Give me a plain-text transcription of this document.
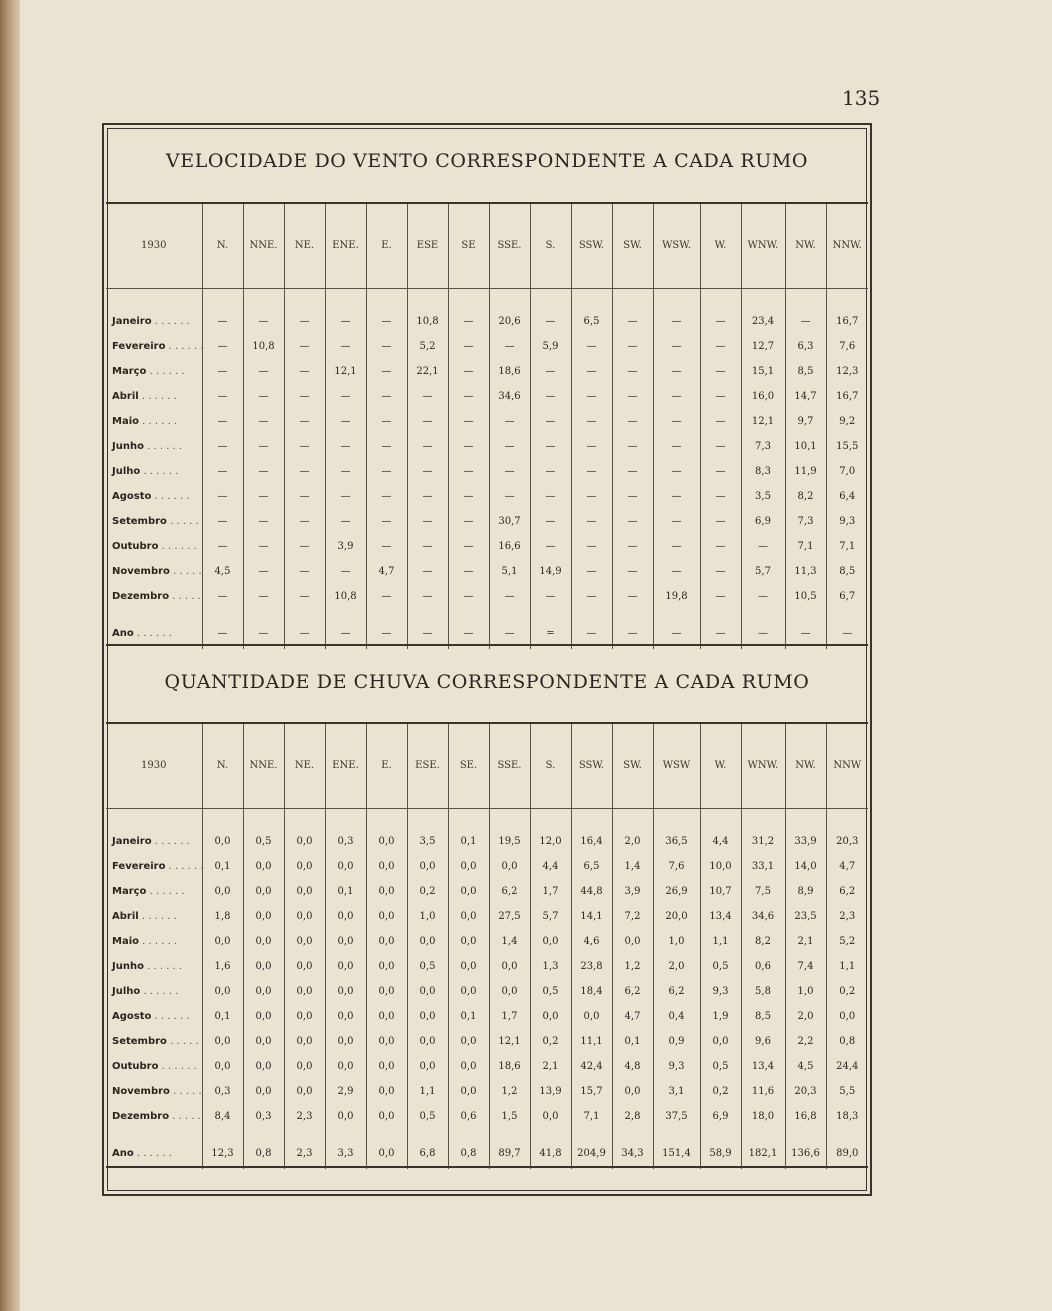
135
VELOCIDADE DO VENTO CORRESPONDENTE A CADA RUMO
1930	N.	NNE.	NE.	ENE.	E.	ESE	SE	SSE.	S.	SSW.	SW.	WSW.	W.	WNW.	NW.	NNW.

Janeiro . . .	—	—	—	—	—	10,8	—	20,6	—	6,5	—	—	—	23,4	—	16,7
Fevereiro . . .	—	10,8	—	—	—	5,2	—	—	5,9	—	—	—	—	12,7	6,3	7,6
Março . . .	—	—	—	12,1	—	22,1	—	18,6	—	—	—	—	—	15,1	8,5	12,3
Abril . . .	—	—	—	—	—	—	—	34,6	—	—	—	—	—	16,0	14,7	16,7
Maio . . .	—	—	—	—	—	—	—	—	—	—	—	—	—	12,1	9,7	9,2
Junho . . .	—	—	—	—	—	—	—	—	—	—	—	—	—	7,3	10,1	15,5
Julho . . .	—	—	—	—	—	—	—	—	—	—	—	—	—	8,3	11,9	7,0
Agosto . . .	—	—	—	—	—	—	—	—	—	—	—	—	—	3,5	8,2	6,4
Setembro . . .	—	—	—	—	—	—	—	30,7	—	—	—	—	—	6,9	7,3	9,3
Outubro . . .	—	—	—	3,9	—	—	—	16,6	—	—	—	—	—	—	7,1	7,1
Novembro . . .	4,5	—	—	—	4,7	—	—	5,1	14,9	—	—	—	—	5,7	11,3	8,5
Dezembro . . .	—	—	—	10,8	—	—	—	—	—	—	—	19,8	—	—	10,5	6,7

Ano . . .	—	—	—	—	—	—	—	—	=	—	—	—	—	—	—	—
QUANTIDADE DE CHUVA CORRESPONDENTE A CADA RUMO
1930	N.	NNE.	NE.	ENE.	E.	ESE.	SE.	SSE.	S.	SSW.	SW.	WSW	W.	WNW.	NW.	NNW

Janeiro . . .	0,0	0,5	0,0	0,3	0,0	3,5	0,1	19,5	12,0	16,4	2,0	36,5	4,4	31,2	33,9	20,3
Fevereiro . . .	0,1	0,0	0,0	0,0	0,0	0,0	0,0	0,0	4,4	6,5	1,4	7,6	10,0	33,1	14,0	4,7
Março . . .	0,0	0,0	0,0	0,1	0,0	0,2	0,0	6,2	1,7	44,8	3,9	26,9	10,7	7,5	8,9	6,2
Abril . . .	1,8	0,0	0,0	0,0	0,0	1,0	0,0	27,5	5,7	14,1	7,2	20,0	13,4	34,6	23,5	2,3
Maio . . .	0,0	0,0	0,0	0,0	0,0	0,0	0,0	1,4	0,0	4,6	0,0	1,0	1,1	8,2	2,1	5,2
Junho . . .	1,6	0,0	0,0	0,0	0,0	0,5	0,0	0,0	1,3	23,8	1,2	2,0	0,5	0,6	7,4	1,1
Julho . . .	0,0	0,0	0,0	0,0	0,0	0,0	0,0	0,0	0,5	18,4	6,2	6,2	9,3	5,8	1,0	0,2
Agosto . . .	0,1	0,0	0,0	0,0	0,0	0,0	0,1	1,7	0,0	0,0	4,7	0,4	1,9	8,5	2,0	0,0
Setembro . . .	0,0	0,0	0,0	0,0	0,0	0,0	0,0	12,1	0,2	11,1	0,1	0,9	0,0	9,6	2,2	0,8
Outubro . . .	0,0	0,0	0,0	0,0	0,0	0,0	0,0	18,6	2,1	42,4	4,8	9,3	0,5	13,4	4,5	24,4
Novembro . . .	0,3	0,0	0,0	2,9	0,0	1,1	0,0	1,2	13,9	15,7	0,0	3,1	0,2	11,6	20,3	5,5
Dezembro . . .	8,4	0,3	2,3	0,0	0,0	0,5	0,6	1,5	0,0	7,1	2,8	37,5	6,9	18,0	16,8	18,3

Ano . . .	12,3	0,8	2,3	3,3	0,0	6,8	0,8	89,7	41,8	204,9	34,3	151,4	58,9	182,1	136,6	89,0
